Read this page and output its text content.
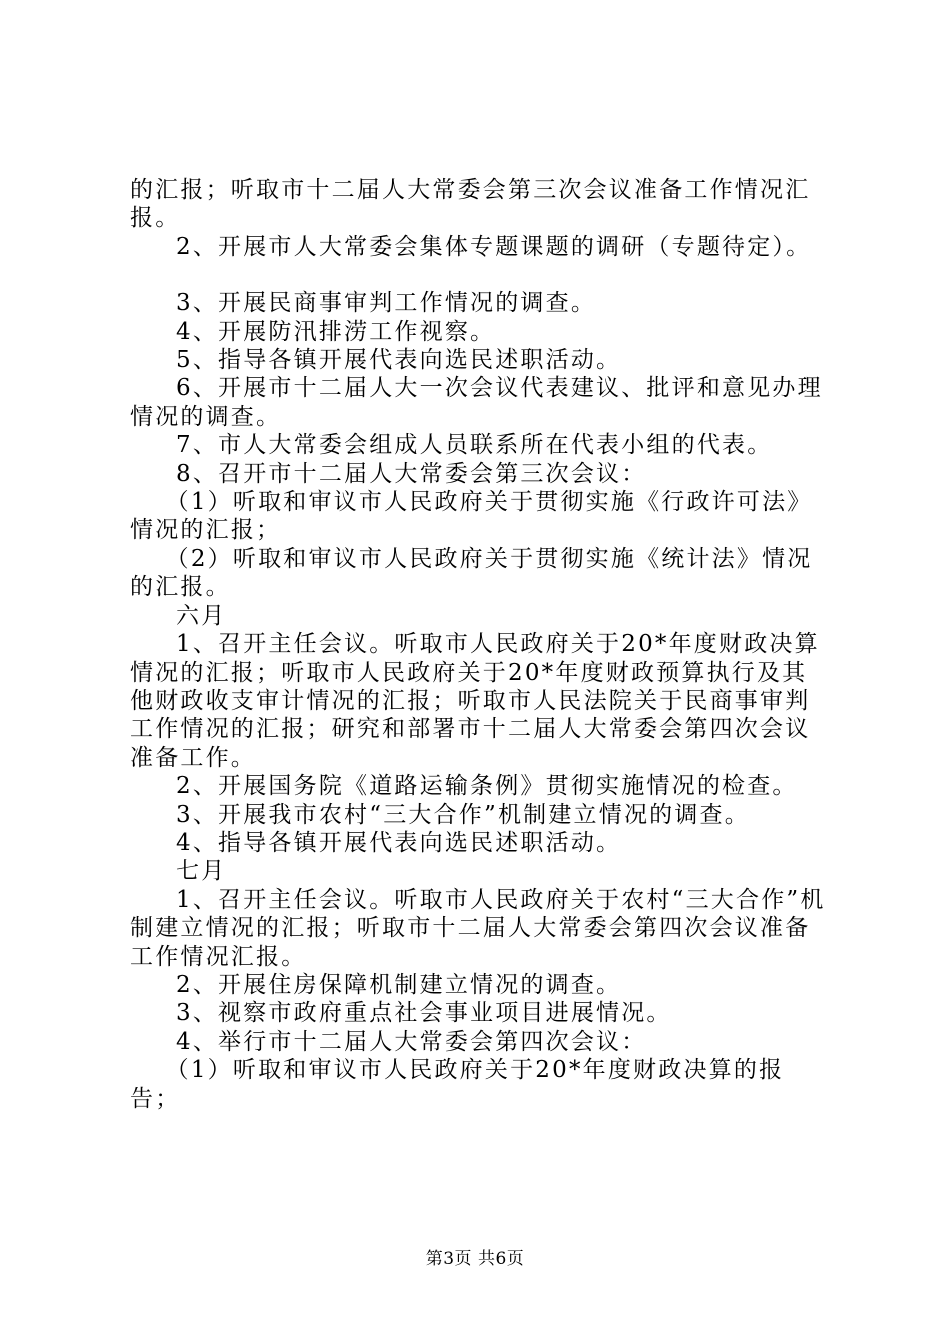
的汇报；听取市十二届人大常委会第三次会议准备工作情况汇报。

2、开展市人大常委会集体专题课题的调研（专题待定）。

3、开展民商事审判工作情况的调查。

4、开展防汛排涝工作视察。

5、指导各镇开展代表向选民述职活动。

6、开展市十二届人大一次会议代表建议、批评和意见办理情况的调查。

7、市人大常委会组成人员联系所在代表小组的代表。

8、召开市十二届人大常委会第三次会议：

（1）听取和审议市人民政府关于贯彻实施《行政许可法》情况的汇报；

（2）听取和审议市人民政府关于贯彻实施《统计法》情况的汇报。

六月

1、召开主任会议。听取市人民政府关于20*年度财政决算情况的汇报；听取市人民政府关于20*年度财政预算执行及其他财政收支审计情况的汇报；听取市人民法院关于民商事审判工作情况的汇报；研究和部署市十二届人大常委会第四次会议准备工作。

2、开展国务院《道路运输条例》贯彻实施情况的检查。

3、开展我市农村“三大合作”机制建立情况的调查。

4、指导各镇开展代表向选民述职活动。

七月

1、召开主任会议。听取市人民政府关于农村“三大合作”机制建立情况的汇报；听取市十二届人大常委会第四次会议准备工作情况汇报。

2、开展住房保障机制建立情况的调查。

3、视察市政府重点社会事业项目进展情况。

4、举行市十二届人大常委会第四次会议：

（1）听取和审议市人民政府关于20*年度财政决算的报告；

第3页 共6页
